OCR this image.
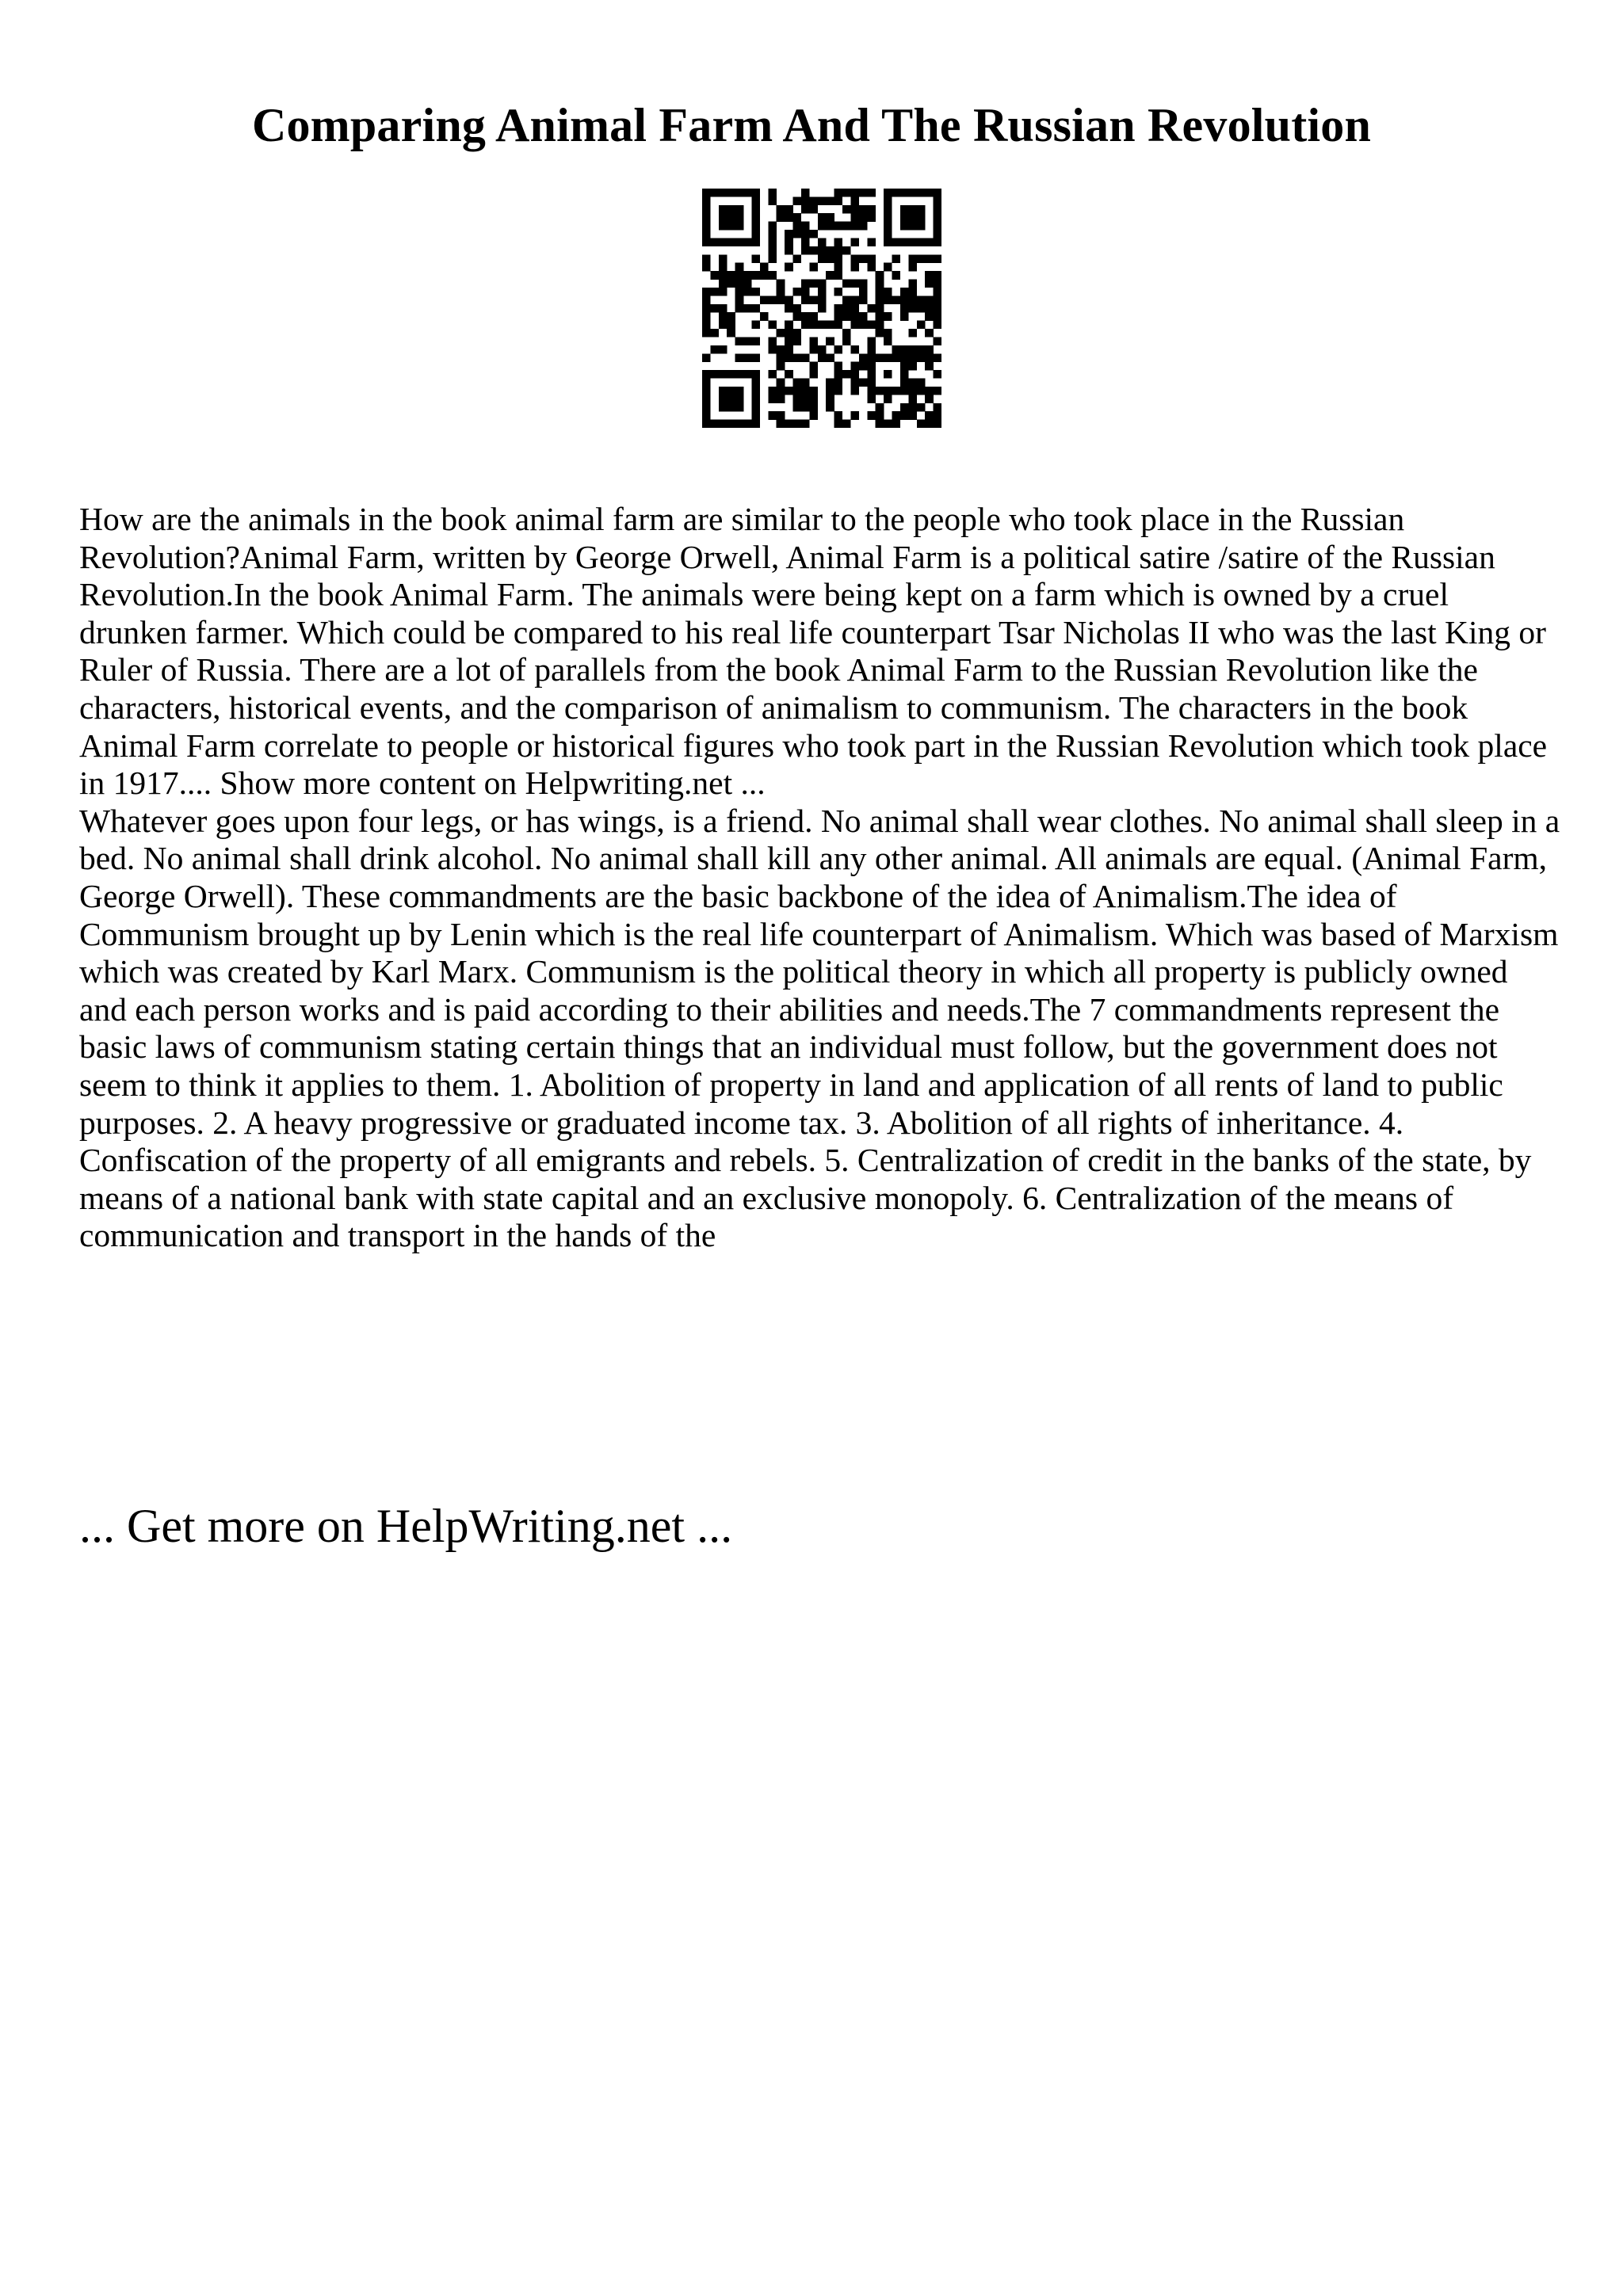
Comparing Animal Farm And The Russian Revolution

How are the animals in the book animal farm are similar to the people who took place in the Russian Revolution?Animal Farm, written by George Orwell, Animal Farm is a political satire /satire of the Russian Revolution.In the book Animal Farm. The animals were being kept on a farm which is owned by a cruel drunken farmer. Which could be compared to his real life counterpart Tsar Nicholas II who was the last King or Ruler of Russia. There are a lot of parallels from the book Animal Farm to the Russian Revolution like the characters, historical events, and the comparison of animalism to communism. The characters in the book Animal Farm correlate to people or historical figures who took part in the Russian Revolution which took place in 1917.... Show more content on Helpwriting.net ...

Whatever goes upon four legs, or has wings, is a friend. No animal shall wear clothes. No animal shall sleep in a bed. No animal shall drink alcohol. No animal shall kill any other animal. All animals are equal. (Animal Farm, George Orwell). These commandments are the basic backbone of the idea of Animalism.The idea of Communism brought up by Lenin which is the real life counterpart of Animalism. Which was based of Marxism which was created by Karl Marx. Communism is the political theory in which all property is publicly owned and each person works and is paid according to their abilities and needs.The 7 commandments represent the basic laws of communism stating certain things that an individual must follow, but the government does not seem to think it applies to them. 1. Abolition of property in land and application of all rents of land to public purposes. 2. A heavy progressive or graduated income tax. 3. Abolition of all rights of inheritance. 4. Confiscation of the property of all emigrants and rebels. 5. Centralization of credit in the banks of the state, by means of a national bank with state capital and an exclusive monopoly. 6. Centralization of the means of communication and transport in the hands of the

... Get more on HelpWriting.net ...
